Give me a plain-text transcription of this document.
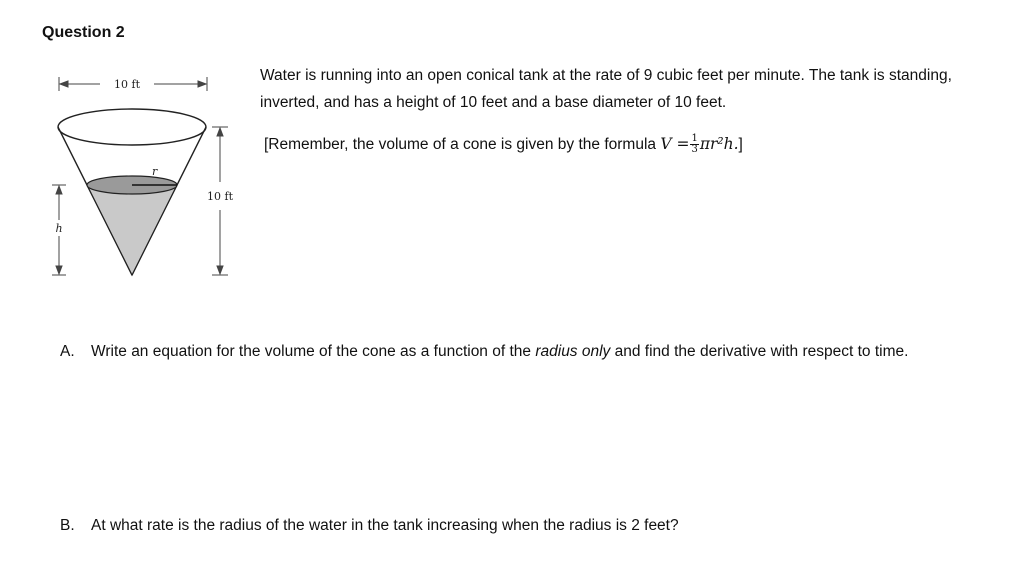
Question 2
10 ft
r
10 ft
h
Water is running into an open conical tank at the rate of 9 cubic feet per minute. The tank is standing, inverted, and has a height of 10 feet and a base diameter of 10 feet.
[Remember, the volume of a cone is given by the formula $V = \frac{1}{3} \pi r^2h$.]
A. Write an equation for the volume of the cone as a function of the radius only and find the derivative with respect to time.
B. At what rate is the radius of the water in the tank increasing when the radius is 2 feet?
